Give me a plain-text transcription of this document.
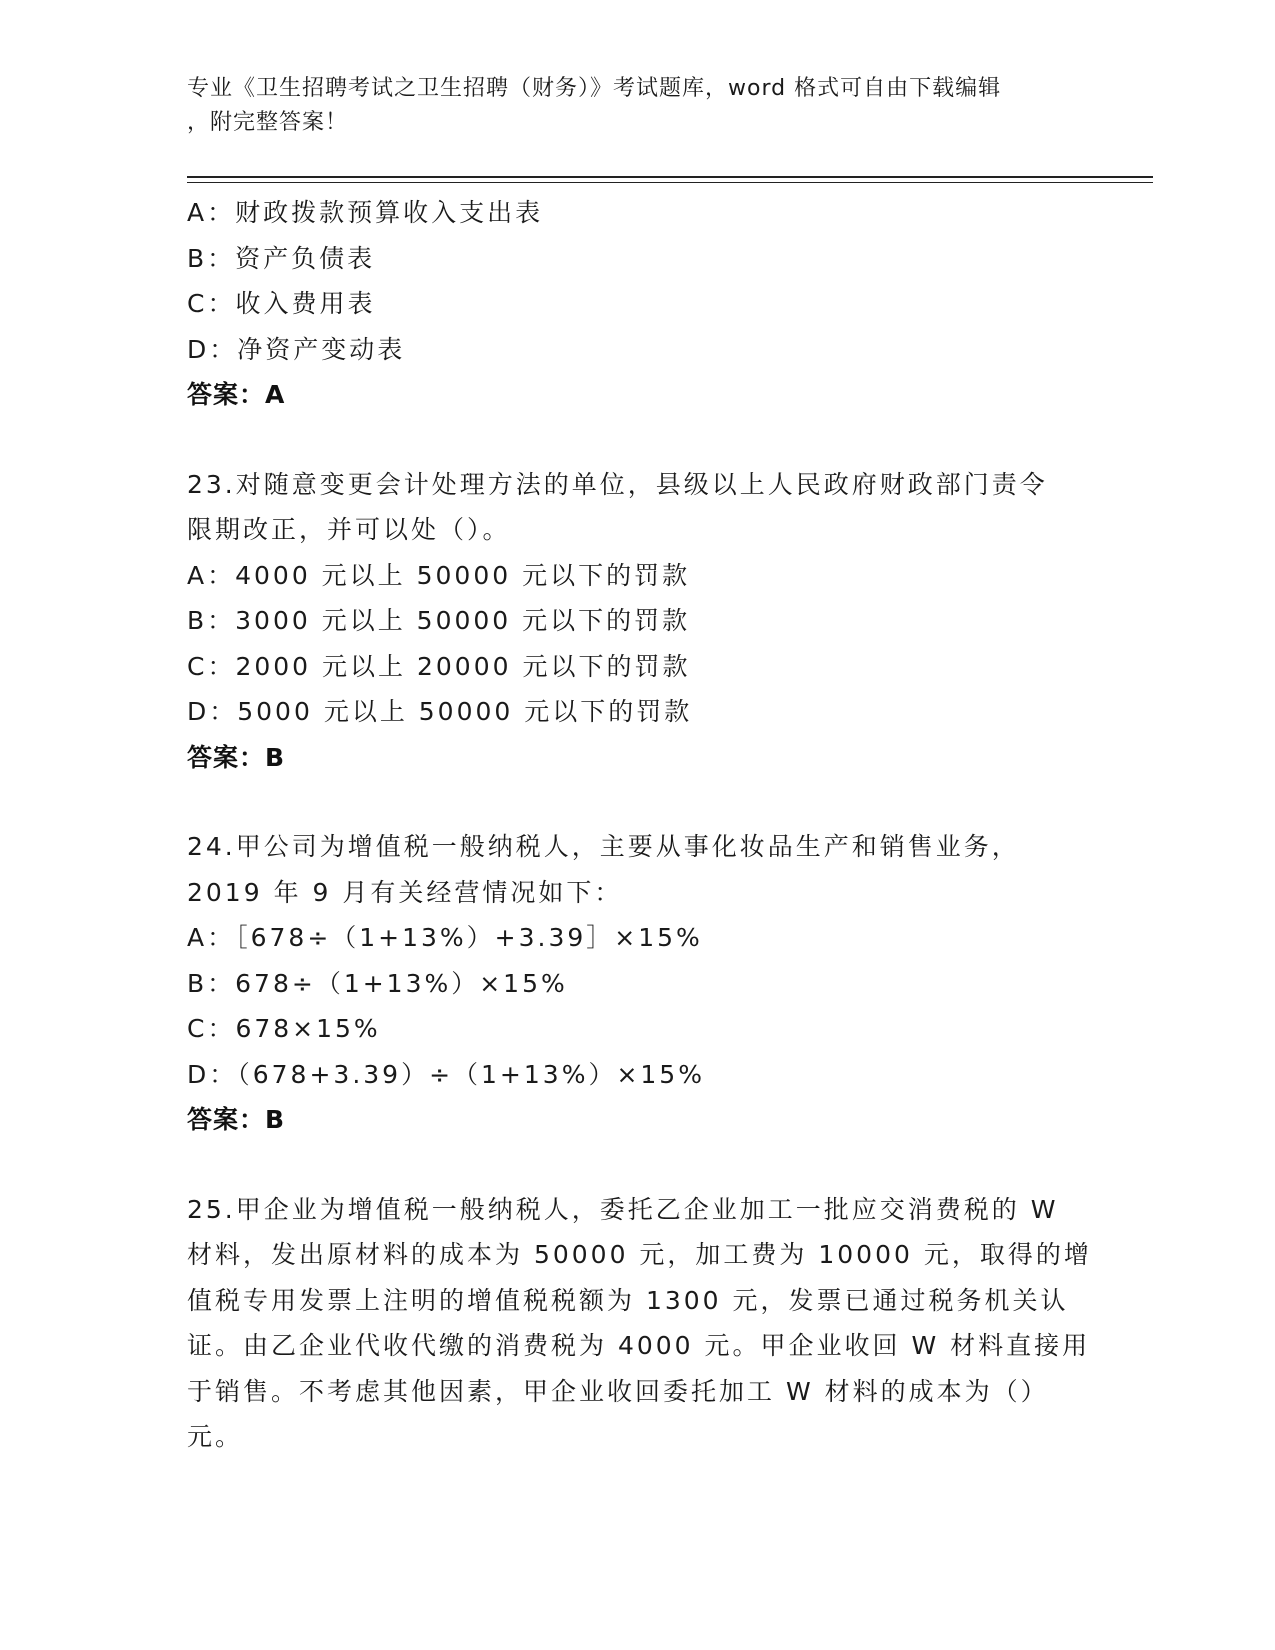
专业《卫生招聘考试之卫生招聘（财务）》考试题库，word 格式可自由下载编辑
，附完整答案！
A：财政拨款预算收入支出表
B：资产负债表
C：收入费用表
D：净资产变动表
答案：A
23.对随意变更会计处理方法的单位，县级以上人民政府财政部门责令
限期改正，并可以处（）。
A：4000 元以上 50000 元以下的罚款
B：3000 元以上 50000 元以下的罚款
C：2000 元以上 20000 元以下的罚款
D：5000 元以上 50000 元以下的罚款
答案：B
24.甲公司为增值税一般纳税人，主要从事化妆品生产和销售业务，
2019 年 9 月有关经营情况如下：
A：［678÷（1+13%）+3.39］×15%
B：678÷（1+13%）×15%
C：678×15%
D：（678+3.39）÷（1+13%）×15%
答案：B
25.甲企业为增值税一般纳税人，委托乙企业加工一批应交消费税的 W
材料，发出原材料的成本为 50000 元，加工费为 10000 元，取得的增
值税专用发票上注明的增值税税额为 1300 元，发票已通过税务机关认
证。由乙企业代收代缴的消费税为 4000 元。甲企业收回 W 材料直接用
于销售。不考虑其他因素，甲企业收回委托加工 W 材料的成本为（）
元。
